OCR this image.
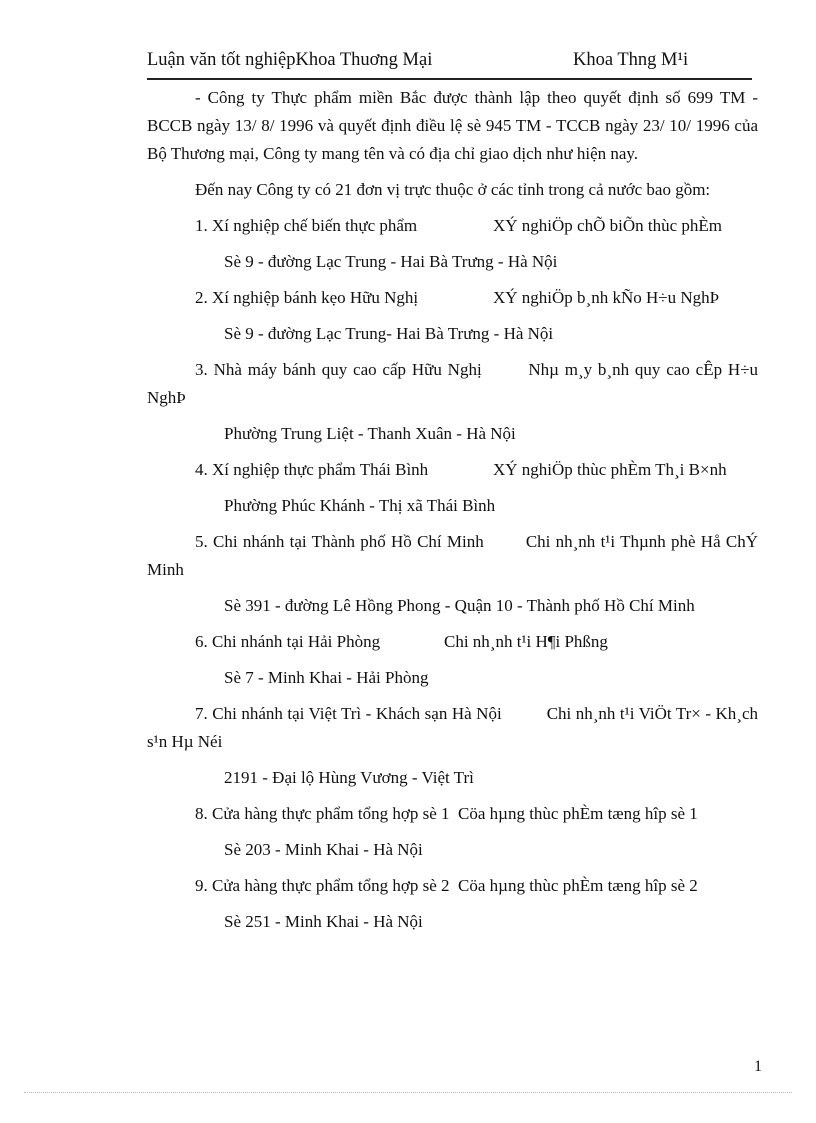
Luận văn tốt nghiệpKhoa Thuơng Mại	Khoa Thng M¹i

- Công ty Thực phẩm miền Bắc được thành lập theo quyết định số 699 TM - BCCB ngày 13/ 8/ 1996 và quyết định điều lệ sè 945 TM - TCCB ngày 23/ 10/ 1996 của Bộ Thương mại, Công ty mang tên và có địa chỉ giao dịch như hiện nay.

Đến nay Công ty có 21 đơn vị trực thuộc ở các tỉnh trong cả nước bao gồm:

1. Xí nghiệp chế biến thực phẩm	XÝ nghiÖp chÕ biÕn thùc phÈm

Sè 9 - đường Lạc Trung - Hai Bà Trưng - Hà Nội

2. Xí nghiệp bánh kẹo Hữu Nghị	XÝ nghiÖp b¸nh kÑo H÷u NghÞ

Sè 9 - đường Lạc Trung- Hai Bà Trưng - Hà Nội

3. Nhà máy bánh quy cao cấp Hữu Nghị	Nhµ m¸y b¸nh quy cao cÊp H÷u NghÞ

Phường Trung Liệt - Thanh Xuân - Hà Nội

4. Xí nghiệp thực phẩm Thái Bình	XÝ nghiÖp thùc phÈm Th¸i B×nh

Phường Phúc Khánh - Thị xã Thái Bình

5. Chi nhánh tại Thành phố Hồ Chí Minh Chi nh¸nh t¹i Thµnh phè Hå ChÝ Minh

Sè 391 - đường Lê Hồng Phong - Quận 10 - Thành phố Hồ Chí Minh

6. Chi nhánh tại Hải Phòng	Chi nh¸nh t¹i H¶i Phßng

Sè 7 - Minh Khai - Hải Phòng

7. Chi nhánh tại Việt Trì - Khách sạn Hà Nội	Chi nh¸nh t¹i ViÖt Tr× - Kh¸ch s¹n Hµ Néi

2191 - Đại lộ Hùng Vương - Việt Trì

8. Cửa hàng thực phẩm tổng hợp sè 1 Cöa hµng thùc phÈm tæng hîp sè 1

Sè 203 - Minh Khai - Hà Nội

9. Cửa hàng thực phẩm tổng hợp sè 2 Cöa hµng thùc phÈm tæng hîp sè 2

Sè 251 - Minh Khai - Hà Nội

1
